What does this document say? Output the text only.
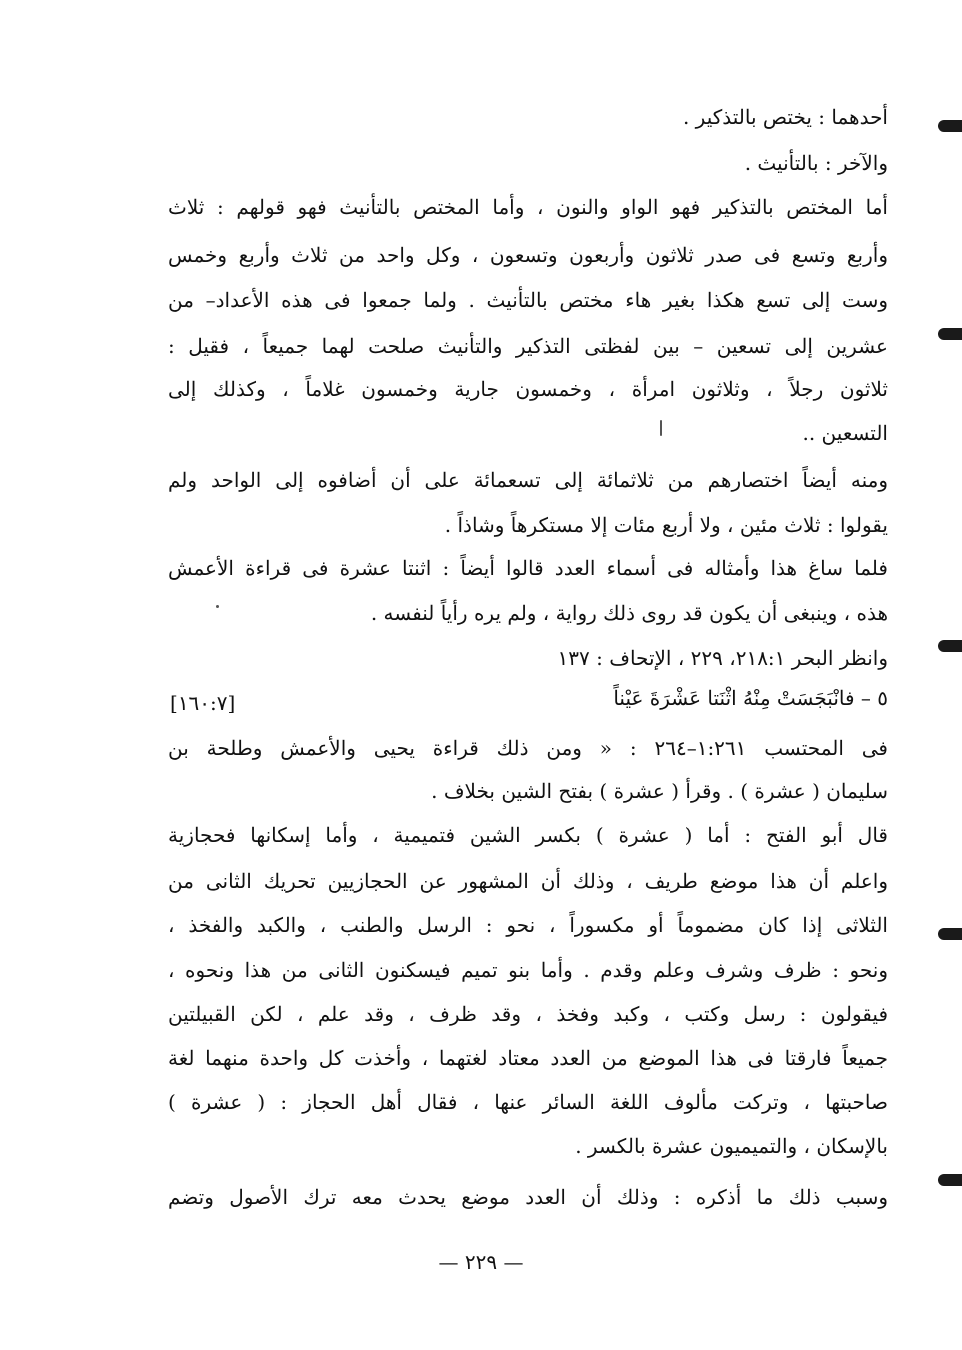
أحدهما : يختص بالتذكير .
والآخر : بالتأنيث .
أما المختص بالتذكير فهو الواو والنون ، وأما المختص بالتأنيث فهو قولهم : ثلاث
وأربع وتسع فى صدر ثلاثون وأربعون وتسعون ، وكل واحد من ثلاث وأربع وخمس
وست إلى تسع هكذا بغير هاء مختص بالتأنيث . ولما جمعوا فى هذه الأعداد– من
عشرين إلى تسعين – بين لفظتى التذكير والتأنيث صلحت لهما جميعاً ، فقيل :
ثلاثون رجلاً ، وثلاثون امرأة ، وخمسون جارية وخمسون غلاماً ، وكذلك إلى
التسعين ..
ومنه أيضاً اختصارهم من ثلاثمائة إلى تسعمائة على أن أضافوه إلى الواحد ولم
يقولوا : ثلاث مئين ، ولا أربع مئات إلا مستكرهاً وشاذاً .
فلما ساغ هذا وأمثاله فى أسماء العدد قالوا أيضاً : اثنتا عشرة فى قراءة الأعمش
هذه ، وينبغى أن يكون قد روى ذلك رواية ، ولم يره رأياً لنفسه .
وانظر البحر ٢١٨:١، ٢٢٩ ، الإتحاف : ١٣٧
٥ – فانْبَجَسَتْ مِنْهُ اثْنَتا عَشْرَةَ عَيْناً
فى المحتسب ١:٢٦١–٢٦٤ : « ومن ذلك قراءة يحيى والأعمش وطلحة بن
سليمان ( عشرة ) . وقرأ ( عشرة ) بفتح الشين بخلاف .
قال أبو الفتح : أما ( عشرة ) بكسر الشين فتميمية ، وأما إسكانها فحجازية
واعلم أن هذا موضع طريف ، وذلك أن المشهور عن الحجازيين تحريك الثانى من
الثلاثى إذا كان مضموماً أو مكسوراً ، نحو : الرسل والطنب ، والكبد والفخذ ،
ونحو : ظرف وشرف وعلم وقدم . وأما بنو تميم فيسكنون الثانى من هذا ونحوه ،
فيقولون : رسل وكتب ، وكبد وفخذ ، وقد ظرف ، وقد علم ، لكن القبيلتين
جميعاً فارقتا فى هذا الموضع من العدد معتاد لغتهما ، وأخذت كل واحدة منهما لغة
صاحبتها ، وتركت مألوف اللغة السائر عنها ، فقال أهل الحجاز : ( عشرة )
بالإسكان ، والتميميون عشرة بالكسر .
وسبب ذلك ما أذكره : وذلك أن العدد موضع يحدث معه ترك الأصول وتضم
[١٦٠:٧]
— ٢٢٩ —
